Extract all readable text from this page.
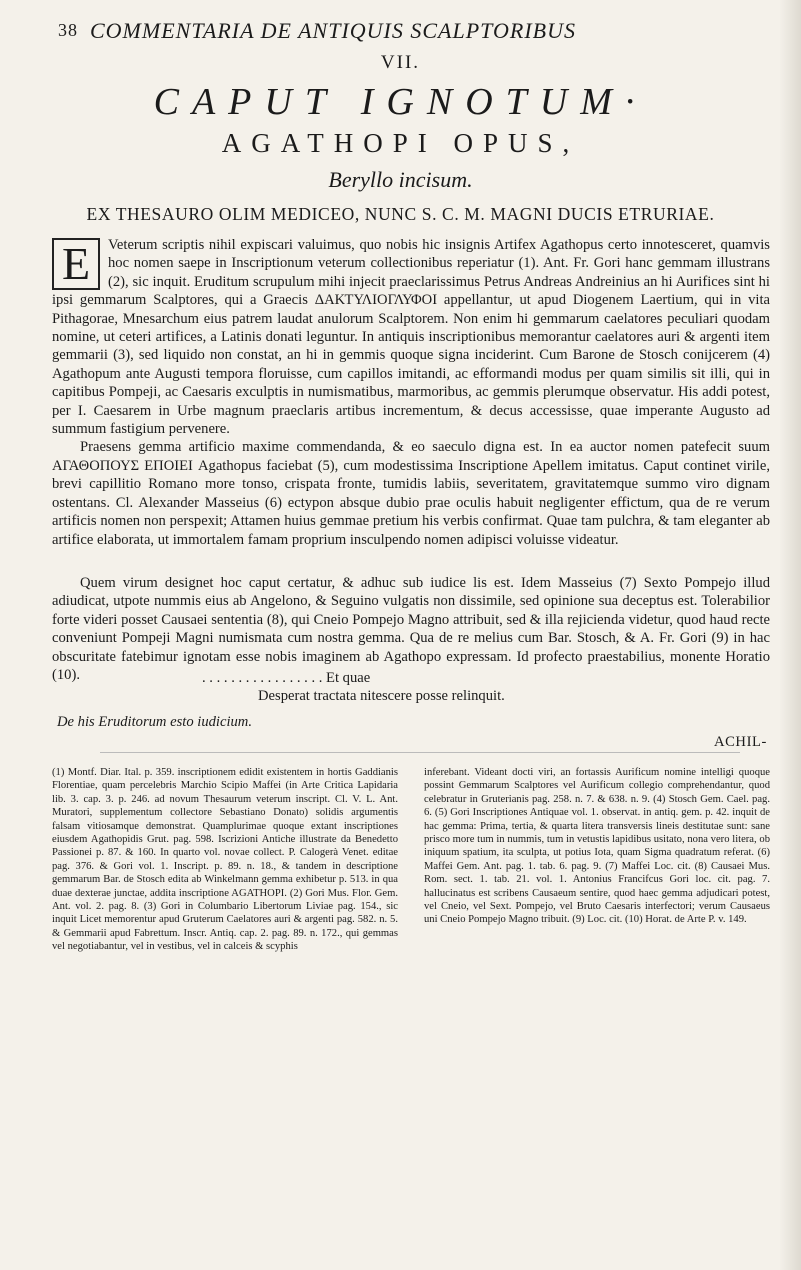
38 COMMENTARIA DE ANTIQUIS SCALPTORIBUS
VII.
CAPUT IGNOTUM·
AGATHOPI OPUS,
Beryllo incisum.
EX THESAURO OLIM MEDICEO, NUNC S. C. M. MAGNI DUCIS ETRURIAE.
E	Veterum scriptis nihil expiscari valuimus, quo nobis hic insignis Artifex Agathopus certo innotesceret, quamvis hoc nomen saepe in Inscriptionum veterum collectionibus reperiatur (1). Ant. Fr. Gori hanc gemmam illustrans (2), sic inquit. Eruditum scrupulum mihi injecit praeclarissimus Petrus Andreas Andreinius an hi Aurifices sint hi ipsi gemmarum Scalptores, qui a Graecis ΔΑΚΤΥΛΙΟΓΛΥΦΟΙ appellantur, ut apud Diogenem Laertium, qui in vita Pithagorae, Mnesarchum eius patrem laudat anulorum Scalptorem. Non enim hi gemmarum caelatores peculiari quodam nomine, ut ceteri artifices, a Latinis donati leguntur. In antiquis inscriptionibus memorantur caelatores auri & argenti item gemmarii (3), sed liquido non constat, an hi in gemmis quoque signa inciderint. Cum Barone de Stosch conijcerem (4) Agathopum ante Augusti tempora floruisse, cum capillos imitandi, ac efformandi modus per quam similis sit illi, qui in capitibus Pompeji, ac Caesaris exculptis in numismatibus, marmoribus, ac gemmis plerumque observatur. His addi potest, per I. Caesarem in Urbe magnum praeclaris artibus incrementum, & decus accessisse, quae imperante Augusto ad summum fastigium pervenere.

Praesens gemma artificio maxime commendanda, & eo saeculo digna est. In ea auctor nomen patefecit suum ΑΓΑΘΟΠΟΥΣ ΕΠΟΙΕΙ Agathopus faciebat (5), cum modestissima Inscriptione Apellem imitatus. Caput continet virile, brevi capillitio Romano more tonso, crispata fronte, tumidis labiis, severitatem, gravitatemque summo viro dignam ostentans. Cl. Alexander Masseius (6) ectypon absque dubio prae oculis habuit negligenter effictum, qua de re verum artificis nomen non perspexit; Attamen huius gemmae pretium his verbis confirmat. Quae tam pulchra, & tam eleganter ab artifice elaborata, ut immortalem famam proprium insculpendo nomen adipisci voluisse videatur.

Quem virum designet hoc caput certatur, & adhuc sub iudice lis est. Idem Masseius (7) Sexto Pompejo illud adiudicat, utpote nummis eius ab Angelono, & Seguino vulgatis non dissimile, sed opinione sua deceptus est. Tolerabilior forte videri posset Causaei sententia (8), qui Cneio Pompejo Magno attribuit, sed & illa rejicienda videtur, quod haud recte conveniunt Pompeji Magni numismata cum nostra gemma. Qua de re melius cum Bar. Stosch, & A. Fr. Gori (9) in hac obscuritate fatebimur ignotam esse nobis imaginem ab Agathopo expressam. Id profecto praestabilius, monente Horatio (10).	. . . . . . . . . . . . . . . . . Et quae
Desperat tractata nitescere posse relinquit.
De his Eruditorum esto iudicium.
ACHIL-

(1) Montf. Diar. Ital. p. 359. inscriptionem edidit existentem in hortis Gaddianis Florentiae, quam percelebris Marchio Scipio Maffei (in Arte Critica Lapidaria lib. 3. cap. 3. p. 246. ad novum Thesaurum veterum inscript. Cl. V. L. Ant. Muratori, supplementum collectore Sebastiano Donato) solidis argumentis falsam vitiosamque demonstrat. Quamplurimae quoque extant inscriptiones eiusdem Agathopidis Grut. pag. 598. Iscrizioni Antiche illustrate da Benedetto Passionei p. 87. & 160. In quarto vol. novae collect. P. Calogerà Venet. editae pag. 376. & Gori vol. 1. Inscript. p. 89. n. 18., & tandem in descriptione gemmarum Bar. de Stosch edita ab Winkelmann gemma exhibetur p. 513. in qua duae dexterae junctae, addita inscriptione AGATHOPI. (2) Gori Mus. Flor. Gem. Ant. vol. 2. pag. 8. (3) Gori in Columbario Libertorum Liviae pag. 154., sic inquit Licet memorentur apud Gruterum Caelatores auri & argenti pag. 582. n. 5. & Gemmarii apud Fabrettum. Inscr. Antiq. cap. 2. pag. 89. n. 172., qui gemmas vel negotiabantur, vel in vestibus, vel in calceis & scyphis

inferebant. Videant docti viri, an fortassis Aurificum nomine intelligi quoque possint Gemmarum Scalptores vel Aurificum collegio comprehendantur, quod celebratur in Gruterianis pag. 258. n. 7. & 638. n. 9. (4) Stosch Gem. Cael. pag. 6. (5) Gori Inscriptiones Antiquae vol. 1. observat. in antiq. gem. p. 42. inquit de hac gemma: Prima, tertia, & quarta litera transversis lineis destitutae sunt: sane prisco more tum in nummis, tum in vetustis lapidibus usitato, nona vero litera, ob iniquum spatium, ita sculpta, ut potius Iota, quam Sigma quadratum referat. (6) Maffei Gem. Ant. pag. 1. tab. 6. pag. 9. (7) Maffei Loc. cit. (8) Causaei Mus. Rom. sect. 1. tab. 21. vol. 1. Antonius Francifcus Gori loc. cit. pag. 7. hallucinatus est scribens Causaeum sentire, quod haec gemma adjudicari potest, vel Cneio, vel Sext. Pompejo, vel Bruto Caesaris interfectori; verum Causaeus uni Cneio Pompejo Magno tribuit. (9) Loc. cit. (10) Horat. de Arte P. v. 149.
